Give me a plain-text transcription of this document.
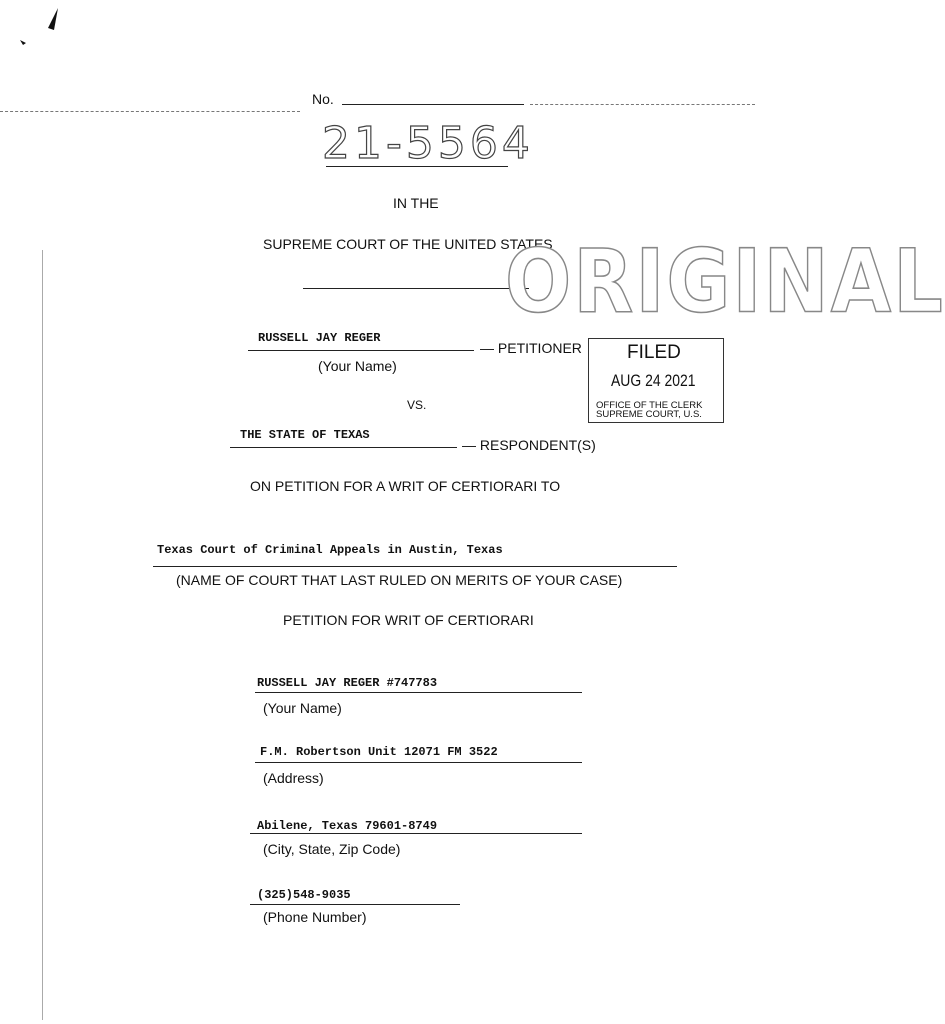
No.
21-5564
IN THE
SUPREME COURT OF THE UNITED STATES
ORIGINAL
RUSSELL JAY REGER
— PETITIONER
(Your Name)
FILED
AUG 24 2021
OFFICE OF THE CLERK
SUPREME COURT, U.S.
VS.
THE STATE OF TEXAS
— RESPONDENT(S)
ON PETITION FOR A WRIT OF CERTIORARI TO
Texas Court of Criminal Appeals in Austin, Texas
(NAME OF COURT THAT LAST RULED ON MERITS OF YOUR CASE)
PETITION FOR WRIT OF CERTIORARI
RUSSELL JAY REGER #747783
(Your Name)
F.M. Robertson Unit 12071 FM 3522
(Address)
Abilene, Texas 79601-8749
(City, State, Zip Code)
(325)548-9035
(Phone Number)
